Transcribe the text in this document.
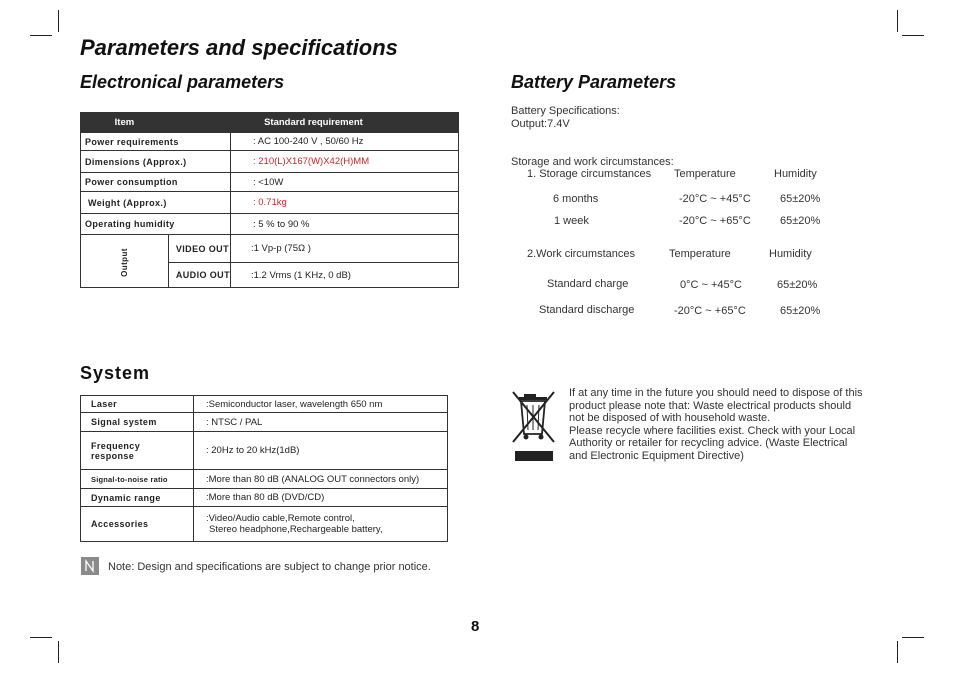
Parameters and specifications
Electronical parameters
Item	Standard requirement	
Power requirements		: AC 100-240 V , 50/60 Hz
Dimensions (Approx.)		: 210(L)X167(W)X42(H)MM
Power consumption		: <10W
Weight (Approx.)		: 0.71kg
Operating humidity		: 5 % to 90 %
Output	VIDEO OUT	:1 Vp-p (75Ω )
	AUDIO OUT	:1.2 Vrms (1 KHz, 0 dB)
Battery Parameters
Battery Specifications:
Output:7.4V
Storage and work circumstances:
1. Storage circumstances Temperature	Humidity
6 months	-20°C ~ +45°C	65±20%
1 week	-20°C ~ +65°C	65±20%
2.Work circumstances	Temperature	Humidity
Standard charge	0°C ~ +45°C	65±20%
Standard discharge	-20°C ~ +65°C	65±20%
System
Laser	:Semiconductor laser, wavelength 650 nm
Signal system	: NTSC / PAL
Frequency response	: 20Hz to 20 kHz(1dB)
Signal-to-noise ratio	:More than 80 dB (ANALOG OUT connectors only)
Dynamic range	:More than 80 dB (DVD/CD)
Accessories	:Video/Audio cable,Remote control,
Stereo headphone,Rechargeable battery,
Note: Design and specifications are subject to change prior notice.
If at any time in the future you should need to dispose of this
product please note that: Waste electrical products should
not be disposed of with household waste.
Please recycle where facilities exist. Check with your Local
Authority or retailer for recycling advice. (Waste Electrical
and Electronic Equipment Directive)
8
